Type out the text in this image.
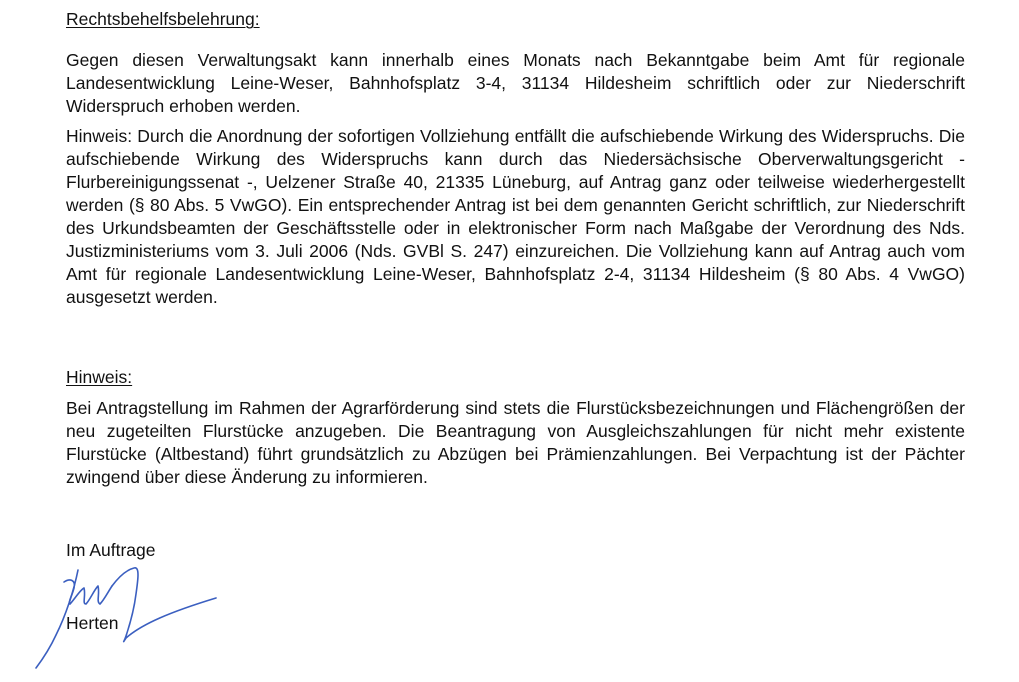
Rechtsbehelfsbelehrung:

Gegen diesen Verwaltungsakt kann innerhalb eines Monats nach Bekanntgabe beim Amt für regionale Landesentwicklung Leine-Weser, Bahnhofsplatz 3-4, 31134 Hildesheim schriftlich oder zur Niederschrift Widerspruch erhoben werden.

Hinweis: Durch die Anordnung der sofortigen Vollziehung entfällt die aufschiebende Wirkung des Widerspruchs. Die aufschiebende Wirkung des Widerspruchs kann durch das Niedersächsische Oberverwaltungsgericht - Flurbereinigungssenat -, Uelzener Straße 40, 21335 Lüneburg, auf Antrag ganz oder teilweise wiederhergestellt werden (§ 80 Abs. 5 VwGO). Ein entsprechender Antrag ist bei dem genannten Gericht schriftlich, zur Niederschrift des Urkundsbeamten der Geschäftsstelle oder in elektronischer Form nach Maßgabe der Verordnung des Nds. Justizministeriums vom 3. Juli 2006 (Nds. GVBl S. 247) einzureichen. Die Vollziehung kann auf Antrag auch vom Amt für regionale Landesentwicklung Leine-Weser, Bahnhofsplatz 2-4, 31134 Hildesheim (§ 80 Abs. 4 VwGO) ausgesetzt werden.

Hinweis:

Bei Antragstellung im Rahmen der Agrarförderung sind stets die Flurstücksbezeichnungen und Flächengrößen der neu zugeteilten Flurstücke anzugeben. Die Beantragung von Ausgleichszahlungen für nicht mehr existente Flurstücke (Altbestand) führt grundsätzlich zu Abzügen bei Prämienzahlungen. Bei Verpachtung ist der Pächter zwingend über diese Änderung zu informieren.

Im Auftrage
Herten
